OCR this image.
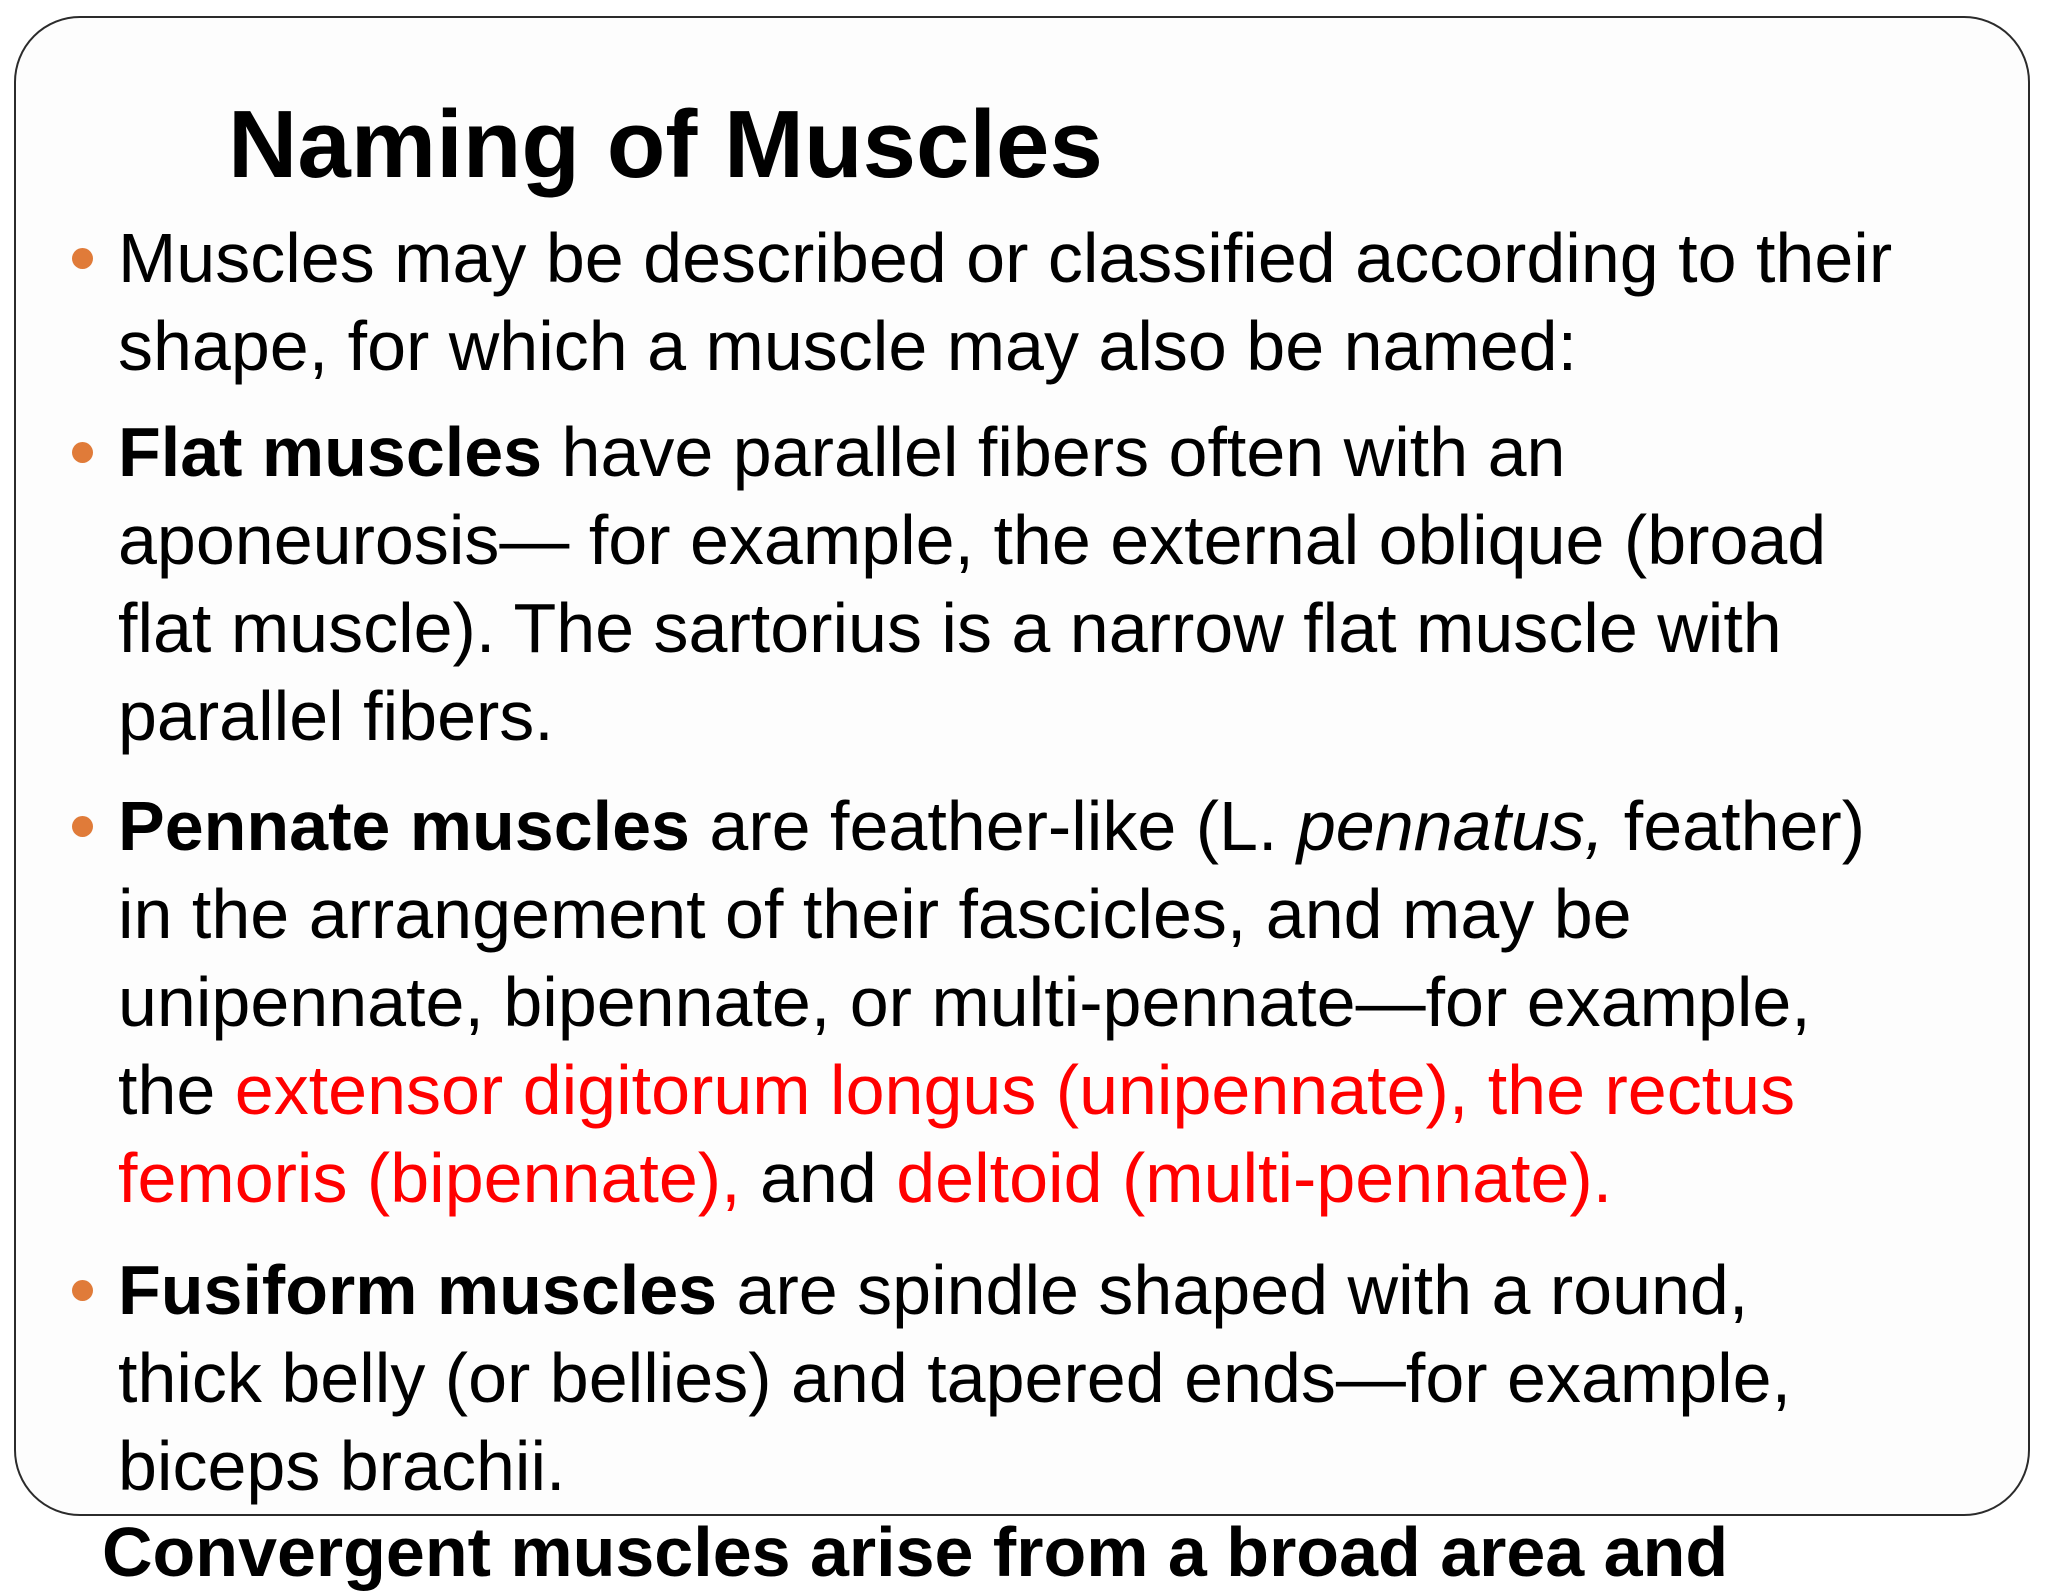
Naming of Muscles

Muscles may be described or classified according to their
shape, for which a muscle may also be named:

Flat muscles have parallel fibers often with an
aponeurosis— for example, the external oblique (broad
flat muscle). The sartorius is a narrow flat muscle with
parallel fibers.

Pennate muscles are feather-like (L. pennatus, feather)
in the arrangement of their fascicles, and may be
unipennate, bipennate, or multi-pennate—for example,
the extensor digitorum longus (unipennate), the rectus
femoris (bipennate), and deltoid (multi-pennate).

Fusiform muscles are spindle shaped with a round,
thick belly (or bellies) and tapered ends—for example,
biceps brachii.

Convergent muscles arise from a broad area and
